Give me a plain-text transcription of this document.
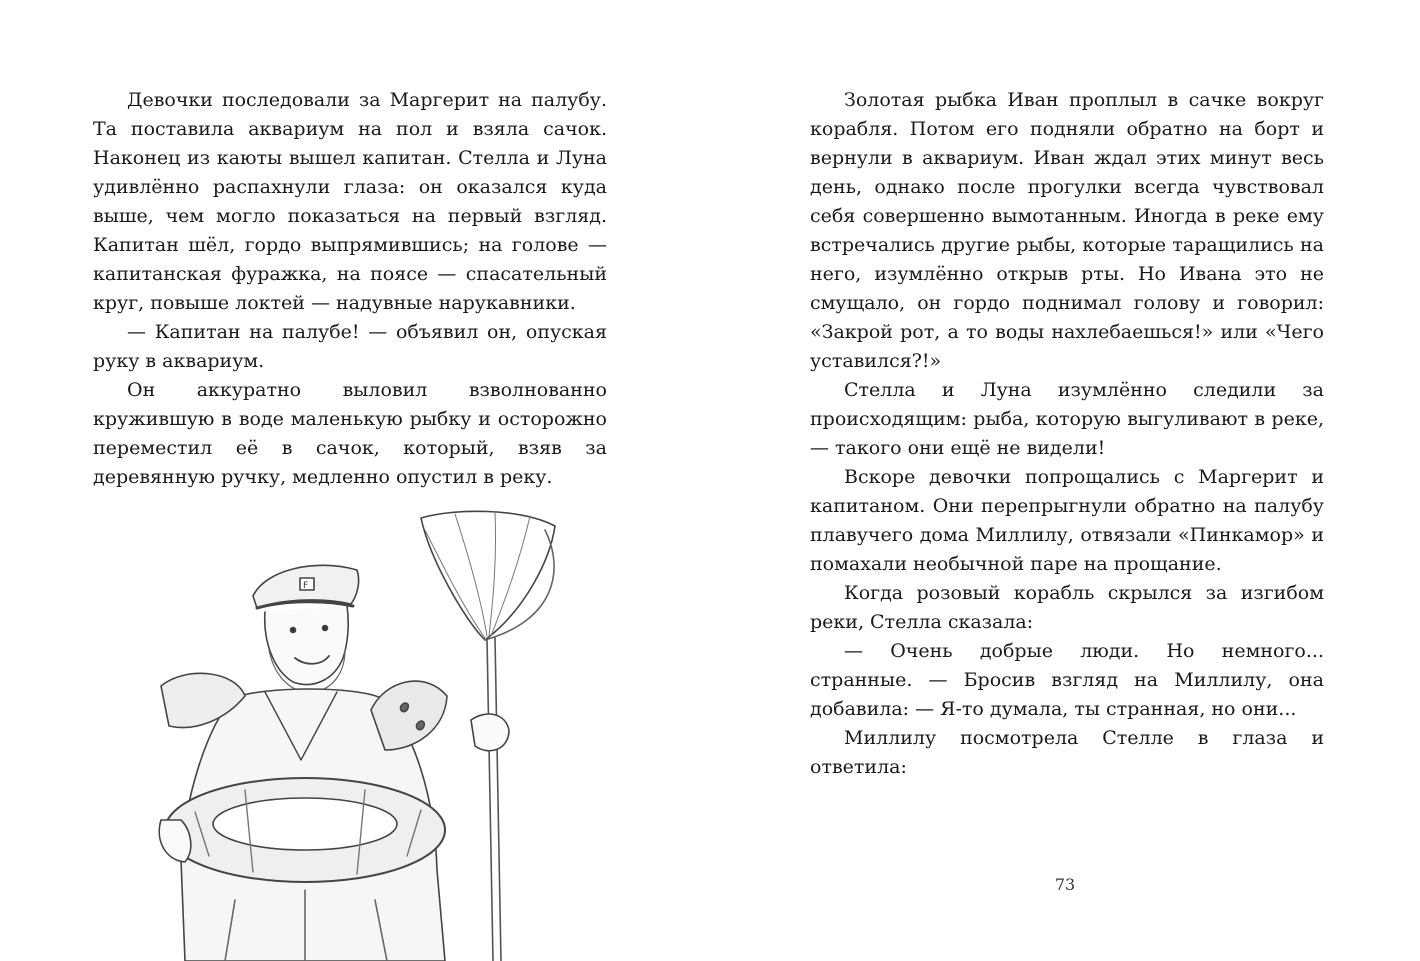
Девочки последовали за Маргерит на палубу. Та поставила аквариум на пол и взяла сачок. Наконец из каюты вышел капитан. Стелла и Луна удивлённо распахнули глаза: он оказался куда выше, чем могло показаться на первый взгляд. Капитан шёл, гордо выпрямившись; на голове — капитанская фуражка, на поясе — спасательный круг, повыше локтей — надувные нарукавники.

— Капитан на палубе! — объявил он, опуская руку в аквариум.

Он аккуратно выловил взволнованно кружившую в воде маленькую рыбку и осторожно переместил её в сачок, который, взяв за деревянную ручку, медленно опустил в реку.

F

Золотая рыбка Иван проплыл в сачке вокруг корабля. Потом его подняли обратно на борт и вернули в аквариум. Иван ждал этих минут весь день, однако после прогулки всегда чувствовал себя совершенно вымотанным. Иногда в реке ему встречались другие рыбы, которые таращились на него, изумлённо открыв рты. Но Ивана это не смущало, он гордо поднимал голову и говорил: «Закрой рот, а то воды нахлебаешься!» или «Чего уставился?!»

Стелла и Луна изумлённо следили за происходящим: рыба, которую выгуливают в реке, — такого они ещё не видели!

Вскоре девочки попрощались с Маргерит и капитаном. Они перепрыгнули обратно на палубу плавучего дома Миллилу, отвязали «Пинкамор» и помахали необычной паре на прощание.

Когда розовый корабль скрылся за изгибом реки, Стелла сказала:

— Очень добрые люди. Но немного... странные. — Бросив взгляд на Миллилу, она добавила: — Я-то думала, ты странная, но они...

Миллилу посмотрела Стелле в глаза и ответила:

73
